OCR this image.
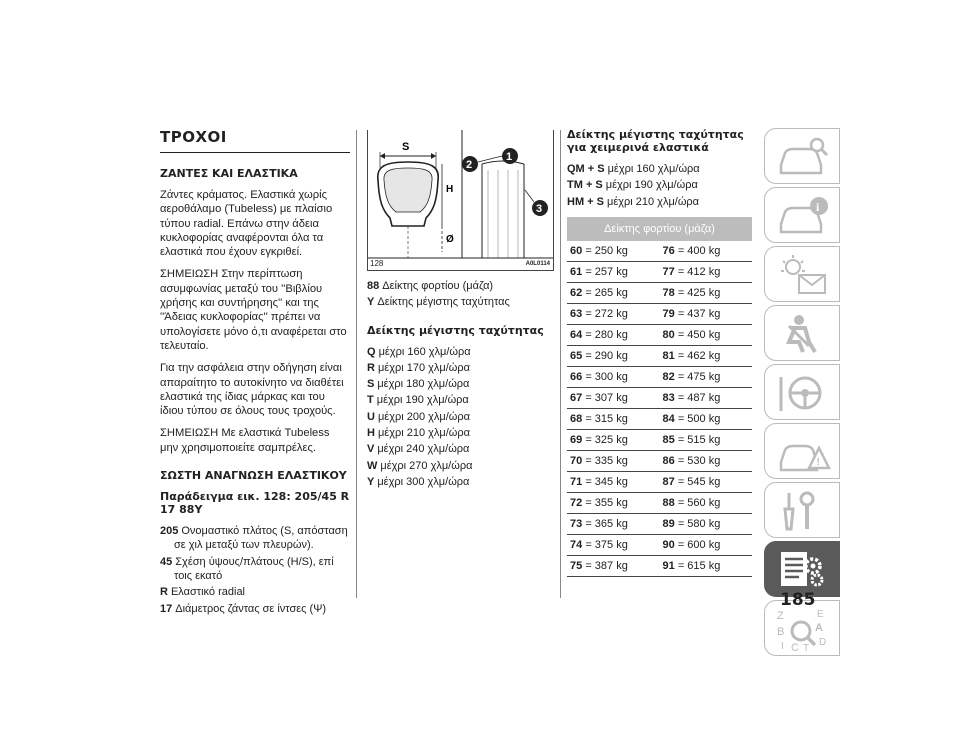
ΤΡΟΧΟΙ
ΖΑΝΤΕΣ ΚΑΙ ΕΛΑΣΤΙΚΑ

Ζάντες κράματος. Ελαστικά χωρίς αεροθάλαμο (Tubeless) με πλαίσιο τύπου radial. Επάνω στην άδεια κυκλοφορίας αναφέρονται όλα τα ελαστικά που έχουν εγκριθεί.

ΣΗΜΕΙΩΣΗ Στην περίπτωση ασυμφωνίας μεταξύ του ''Βιβλίου χρήσης και συντήρησης'' και της ''Άδειας κυκλοφορίας'' πρέπει να υπολογίσετε μόνο ό,τι αναφέρεται στο τελευταίο.

Για την ασφάλεια στην οδήγηση είναι απαραίτητο το αυτοκίνητο να διαθέτει ελαστικά της ίδιας μάρκας και του ίδιου τύπου σε όλους τους τροχούς.

ΣΗΜΕΙΩΣΗ Με ελαστικά Tubeless μην χρησιμοποιείτε σαμπρέλες.

ΣΩΣΤΗ ΑΝΑΓΝΩΣΗ ΕΛΑΣΤΙΚΟΥ
Παράδειγμα εικ. 128: 205/45 R 17 88Y
205 Ονομαστικό πλάτος (S, απόσταση σε χιλ μεταξύ των πλευρών).
45 Σχέση ύψους/πλάτους (H/S), επί τοις εκατό
R Ελαστικό radial
17 Διάμετρος ζάντας σε ίντσες (Ψ)
S
H
Ø
2
1
3
128	A0L0114
88 Δείκτης φορτίου (μάζα)
Y Δείκτης μέγιστης ταχύτητας
Δείκτης μέγιστης ταχύτητας
Q μέχρι 160 χλμ/ώρα
R μέχρι 170 χλμ/ώρα
S μέχρι 180 χλμ/ώρα
T μέχρι 190 χλμ/ώρα
U μέχρι 200 χλμ/ώρα
H μέχρι 210 χλμ/ώρα
V μέχρι 240 χλμ/ώρα
W μέχρι 270 χλμ/ώρα
Y μέχρι 300 χλμ/ώρα
Δείκτης μέγιστης ταχύτητας για χειμερινά ελαστικά
QM + S μέχρι 160 χλμ/ώρα
TM + S μέχρι 190 χλμ/ώρα
HM + S μέχρι 210 χλμ/ώρα
Δείκτης φορτίου (μάζα)	
60 = 250 kg	76 = 400 kg
61 = 257 kg	77 = 412 kg
62 = 265 kg	78 = 425 kg
63 = 272 kg	79 = 437 kg
64 = 280 kg	80 = 450 kg
65 = 290 kg	81 = 462 kg
66 = 300 kg	82 = 475 kg
67 = 307 kg	83 = 487 kg
68 = 315 kg	84 = 500 kg
69 = 325 kg	85 = 515 kg
70 = 335 kg	86 = 530 kg
71 = 345 kg	87 = 545 kg
72 = 355 kg	88 = 560 kg
73 = 365 kg	89 = 580 kg
74 = 375 kg	90 = 600 kg
75 = 387 kg	91 = 615 kg
i
!
Z	E
B	A
I C T
D
185
